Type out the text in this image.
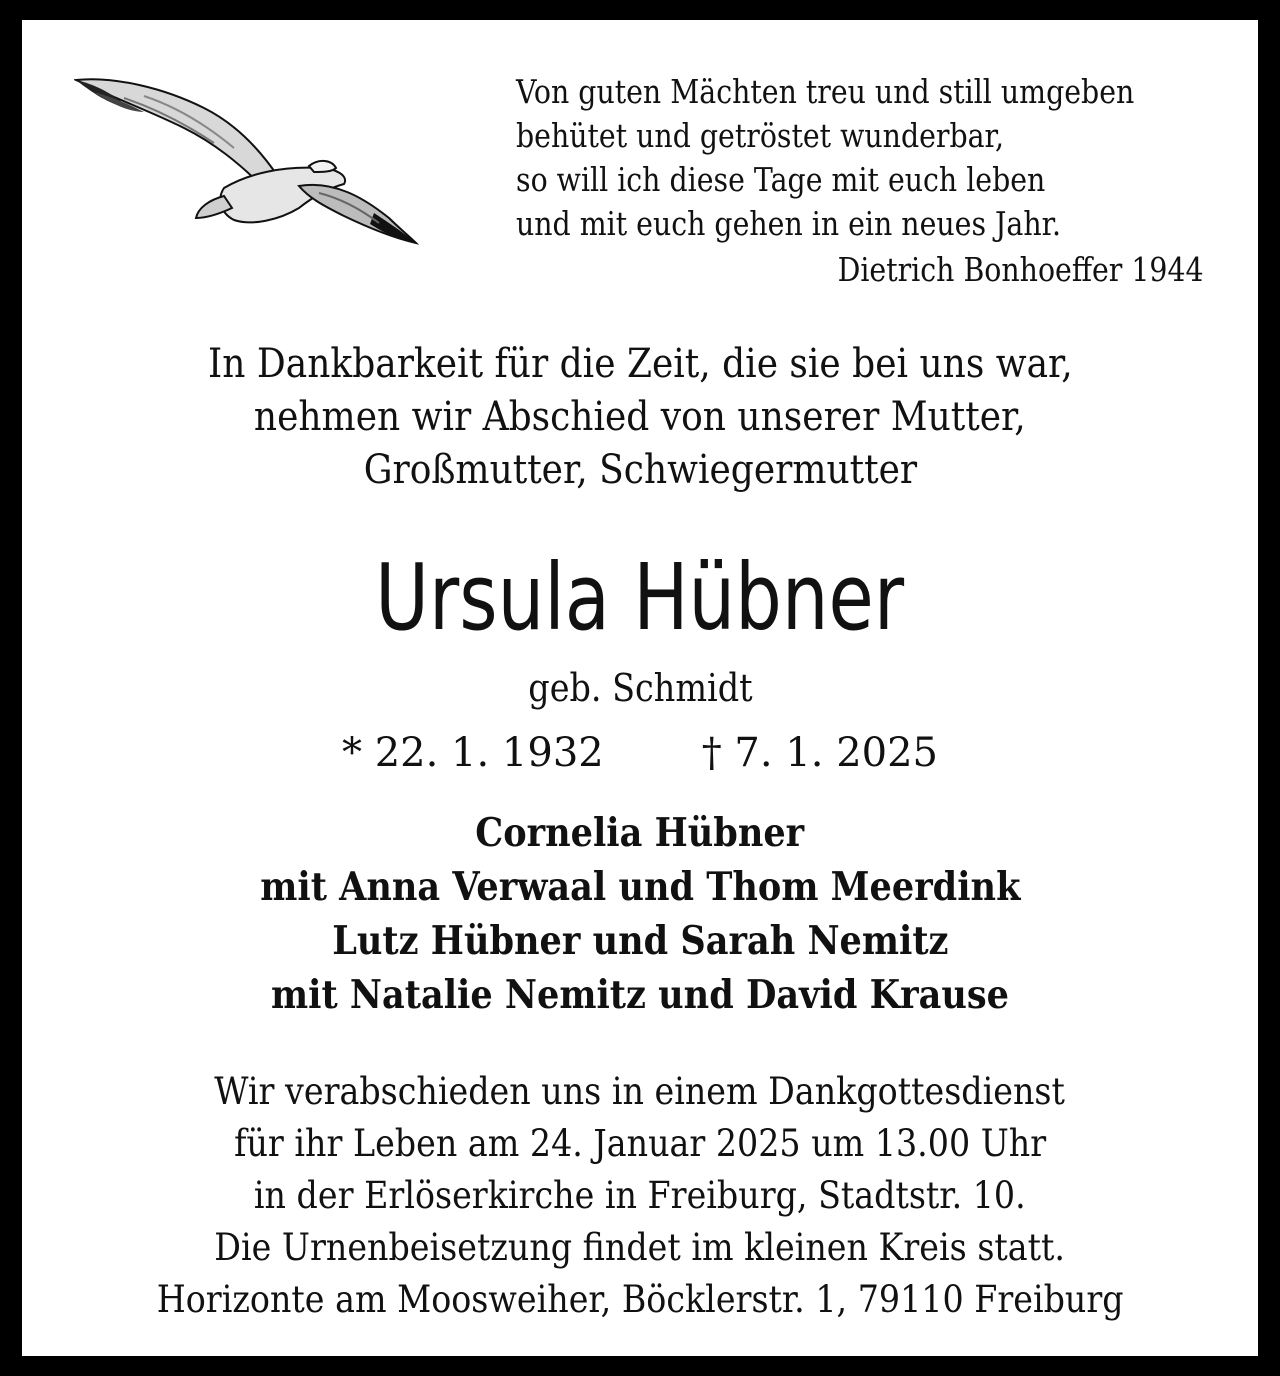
Von guten Mächten treu und still umgeben
behütet und getröstet wunderbar,
so will ich diese Tage mit euch leben
und mit euch gehen in ein neues Jahr.
Dietrich Bonhoeffer 1944
In Dankbarkeit für die Zeit, die sie bei uns war,
nehmen wir Abschied von unserer Mutter,
Großmutter, Schwiegermutter
Ursula Hübner
geb. Schmidt
* 22. 1. 1932 † 7. 1. 2025
Cornelia Hübner
mit Anna Verwaal und Thom Meerdink
Lutz Hübner und Sarah Nemitz
mit Natalie Nemitz und David Krause
Wir verabschieden uns in einem Dankgottesdienst
für ihr Leben am 24. Januar 2025 um 13.00 Uhr
in der Erlöserkirche in Freiburg, Stadtstr. 10.
Die Urnenbeisetzung findet im kleinen Kreis statt.
Horizonte am Moosweiher, Böcklerstr. 1, 79110 Freiburg
